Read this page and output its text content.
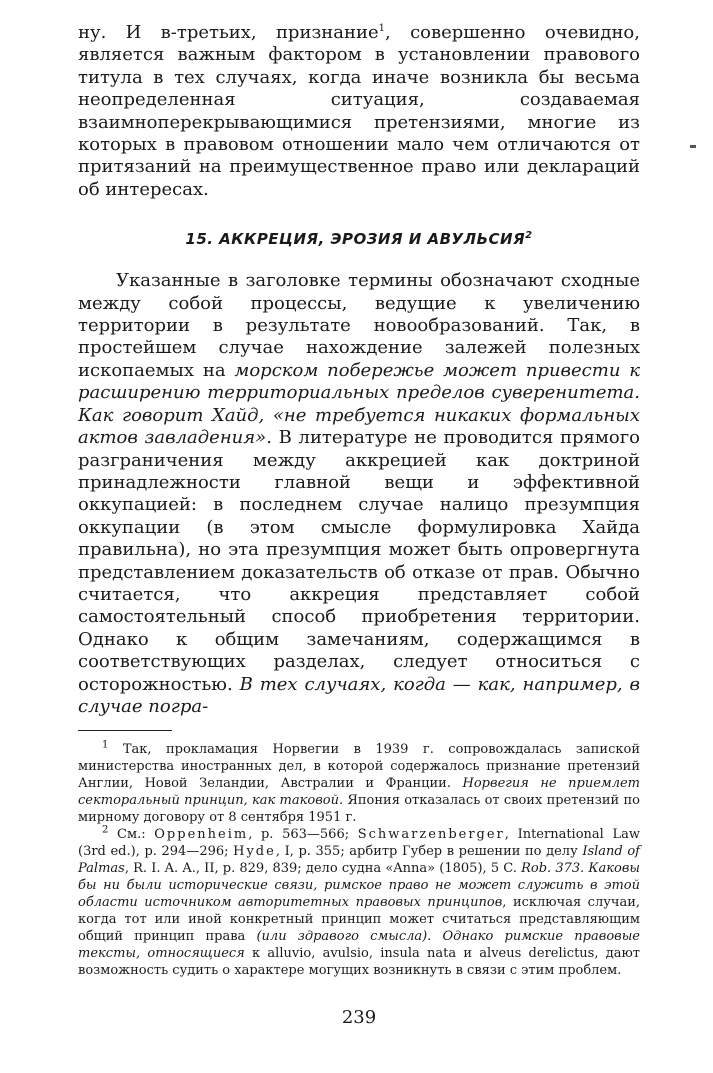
ну. И в-третьих, признание$^1$, совершенно очевидно, является важным фактором в установлении правового титула в тех случаях, когда иначе возникла бы весьма неопределенная ситуация, создаваемая взаимноперекрывающимися претензиями, многие из которых в правовом отношении мало чем отличаются от притязаний на преимущественное право или деклараций об интересах.

15. АККРЕЦИЯ, ЭРОЗИЯ И АВУЛЬСИЯ$^2$

Указанные в заголовке термины обозначают сходные между собой процессы, ведущие к увеличению территории в результате новообразований. Так, в простейшем случае нахождение залежей полезных ископаемых на морском побережье может привести к расширению территориальных пределов суверенитета. Как говорит Хайд, «не требуется никаких формальных актов завладения». В литературе не проводится прямого разграничения между аккрецией как доктриной принадлежности главной вещи и эффективной оккупацией: в последнем случае налицо презумпция оккупации (в этом смысле формулировка Хайда правильна), но эта презумпция может быть опровергнута представлением доказательств об отказе от прав. Обычно считается, что аккреция представляет собой самостоятельный способ приобретения территории. Однако к общим замечаниям, содержащимся в соответствующих разделах, следует относиться с осторожностью. В тех случаях, когда — как, например, в случае погра-

$^1$ Так, прокламация Норвегии в 1939 г. сопровождалась запиской министерства иностранных дел, в которой содержалось признание претензий Англии, Новой Зеландии, Австралии и Франции. Норвегия не приемлет секторальный принцип, как таковой. Япония отказалась от своих претензий по мирному договору от 8 сентября 1951 г.

$^2$ См.: Oppenheim, p. 563—566; Schwarzenberger, International Law (3rd ed.), p. 294—296; Hyde, I, p. 355; арбитр Губер в решении по делу Island of Palmas, R. I. A. A., II, p. 829, 839; дело судна «Anna» (1805), 5 C. Rob. 373. Каковы бы ни были исторические связи, римское право не может служить в этой области источником авторитетных правовых принципов, исключая случаи, когда тот или иной конкретный принцип может считаться представляющим общий принцип права (или здравого смысла). Однако римские правовые тексты, относящиеся к alluvio, avulsio, insula nata и alveus derelictus, дают возможность судить о характере могущих возникнуть в связи с этим проблем.

239
